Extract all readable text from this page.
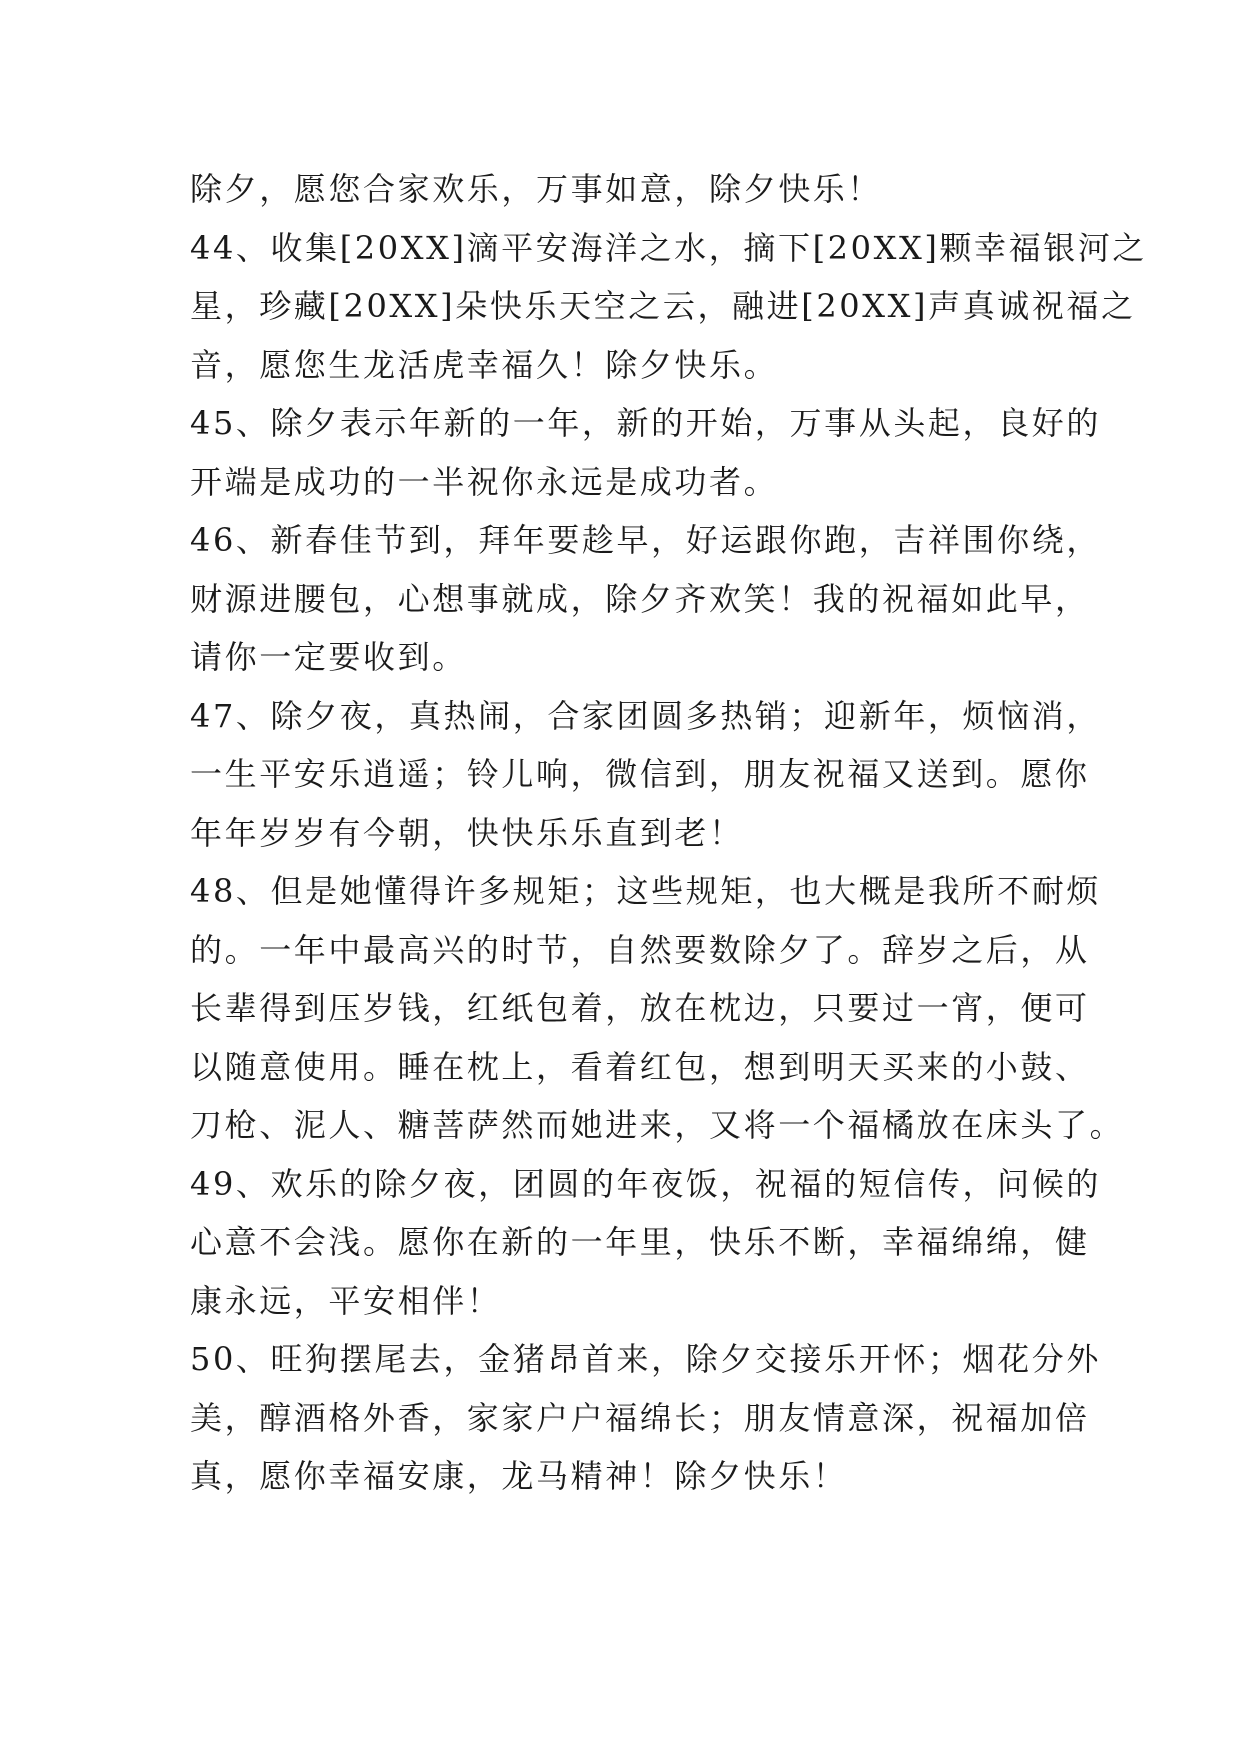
除夕，愿您合家欢乐，万事如意，除夕快乐！
44、收集[20XX]滴平安海洋之水，摘下[20XX]颗幸福银河之
星，珍藏[20XX]朵快乐天空之云，融进[20XX]声真诚祝福之
音，愿您生龙活虎幸福久！除夕快乐。
45、除夕表示年新的一年，新的开始，万事从头起，良好的
开端是成功的一半祝你永远是成功者。
46、新春佳节到，拜年要趁早，好运跟你跑，吉祥围你绕，
财源进腰包，心想事就成，除夕齐欢笑！我的祝福如此早，
请你一定要收到。
47、除夕夜，真热闹，合家团圆多热销；迎新年，烦恼消，
一生平安乐逍遥；铃儿响，微信到，朋友祝福又送到。愿你
年年岁岁有今朝，快快乐乐直到老！
48、但是她懂得许多规矩；这些规矩，也大概是我所不耐烦
的。一年中最高兴的时节，自然要数除夕了。辞岁之后，从
长辈得到压岁钱，红纸包着，放在枕边，只要过一宵，便可
以随意使用。睡在枕上，看着红包，想到明天买来的小鼓、
刀枪、泥人、糖菩萨然而她进来，又将一个福橘放在床头了。
49、欢乐的除夕夜，团圆的年夜饭，祝福的短信传，问候的
心意不会浅。愿你在新的一年里，快乐不断，幸福绵绵，健
康永远，平安相伴！
50、旺狗摆尾去，金猪昂首来，除夕交接乐开怀；烟花分外
美，醇酒格外香，家家户户福绵长；朋友情意深，祝福加倍
真，愿你幸福安康，龙马精神！除夕快乐！
